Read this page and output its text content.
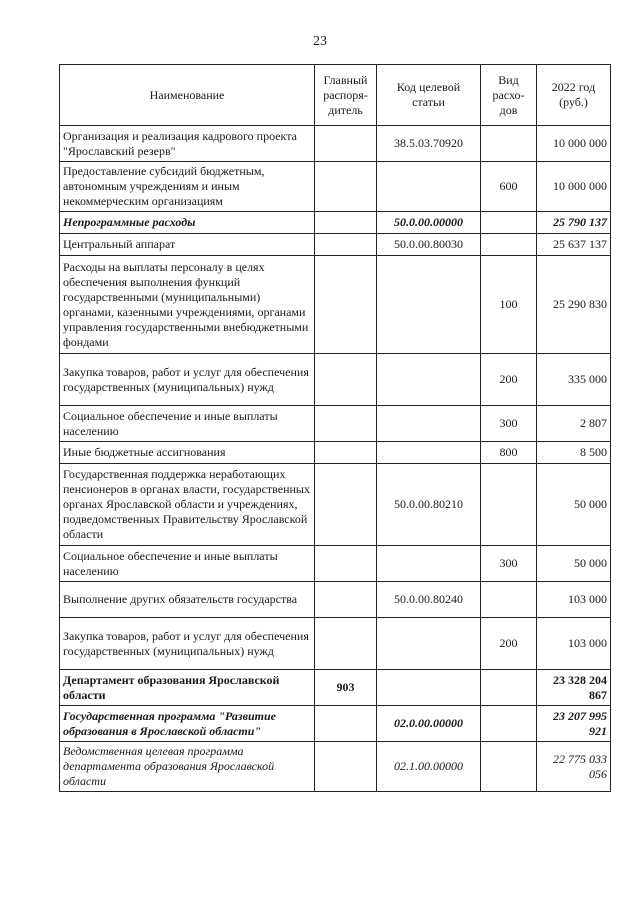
23
Наименование	Главный распоря-дитель	Код целевой статьи	Вид расхо-дов	2022 год (руб.)
Организация и реализация кадрового проекта "Ярославский резерв"		38.5.03.70920		10 000 000
Предоставление субсидий бюджетным, автономным учреждениям и иным некоммерческим организациям			600	10 000 000
Непрограммные расходы		50.0.00.00000		25 790 137
Центральный аппарат		50.0.00.80030		25 637 137
Расходы на выплаты персоналу в целях обеспечения выполнения функций государственными (муниципальными) органами, казенными учреждениями, органами управления государственными внебюджетными фондами			100	25 290 830
Закупка товаров, работ и услуг для обеспечения государственных (муниципальных) нужд			200	335 000
Социальное обеспечение и иные выплаты населению			300	2 807
Иные бюджетные ассигнования			800	8 500
Государственная поддержка неработающих пенсионеров в органах власти, государственных органах Ярославской области и учреждениях, подведомственных Правительству Ярославской области		50.0.00.80210		50 000
Социальное обеспечение и иные выплаты населению			300	50 000
Выполнение других обязательств государства		50.0.00.80240		103 000
Закупка товаров, работ и услуг для обеспечения государственных (муниципальных) нужд			200	103 000
Департамент образования Ярославской области	903			23 328 204 867
Государственная программа "Развитие образования в Ярославской области"		02.0.00.00000		23 207 995 921
Ведомственная целевая программа департамента образования Ярославской области		02.1.00.00000		22 775 033 056
